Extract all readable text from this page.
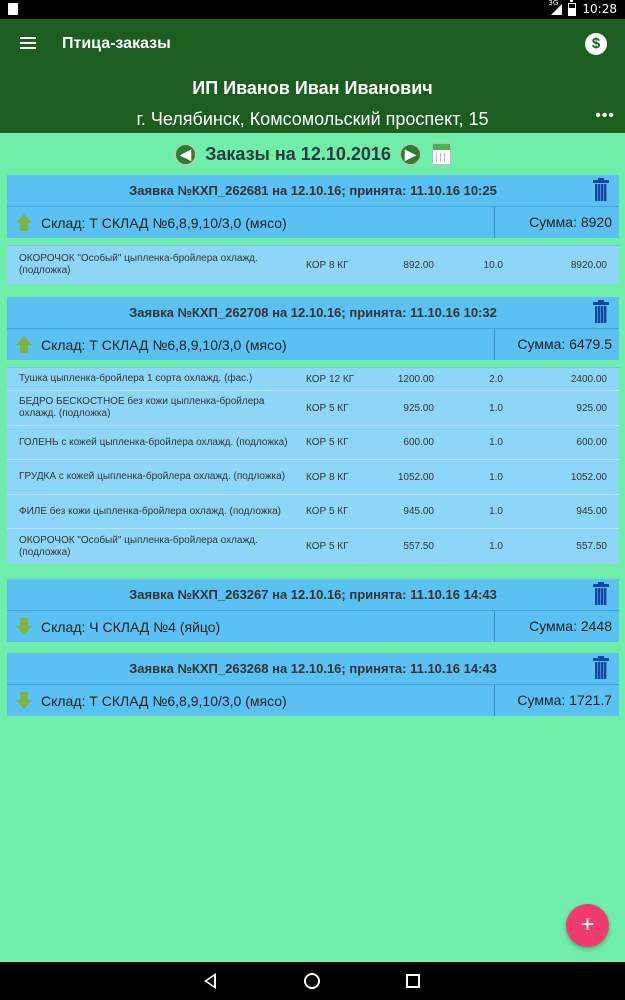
3G 10:28
Птица-заказы	$
ИП Иванов Иван Иванович
г. Челябинск, Комсомольский проспект, 15	•••
◀ Заказы на 12.10.2016	▶
Заявка №КХП_262681 на 12.10.16; принята: 11.10.16 10:25
Склад: Т СКЛАД №6,8,9,10/3,0 (мясо)	Сумма: 8920
ОКОРОЧОК "Особый" цыпленка-бройлера охлажд. (подложка)	КОР 8 КГ	892.00	10.0	8920.00
Заявка №КХП_262708 на 12.10.16; принята: 11.10.16 10:32
Склад: Т СКЛАД №6,8,9,10/3,0 (мясо)	Сумма: 6479.5
Тушка цыпленка-бройлера 1 сорта охлажд. (фас.)	КОР 12 КГ	1200.00	2.0	2400.00
БЕДРО БЕСКОСТНОЕ без кожи цыпленка-бройлера охлажд. (подложка)	КОР 5 КГ	925.00	1.0	925.00
ГОЛЕНЬ с кожей цыпленка-бройлера охлажд. (подложка)	КОР 5 КГ	600.00	1.0	600.00
ГРУДКА с кожей цыпленка-бройлера охлажд. (подложка)	КОР 8 КГ	1052.00	1.0	1052.00
ФИЛЕ без кожи цыпленка-бройлера охлажд. (подложка)	КОР 5 КГ	945.00	1.0	945.00
ОКОРОЧОК "Особый" цыпленка-бройлера охлажд. (подложка)	КОР 5 КГ	557.50	1.0	557.50
Заявка №КХП_263267 на 12.10.16; принята: 11.10.16 14:43
Склад: Ч СКЛАД №4 (яйцо)	Сумма: 2448
Заявка №КХП_263268 на 12.10.16; принята: 11.10.16 14:43
Склад: Т СКЛАД №6,8,9,10/3,0 (мясо)	Сумма: 1721.7
+
